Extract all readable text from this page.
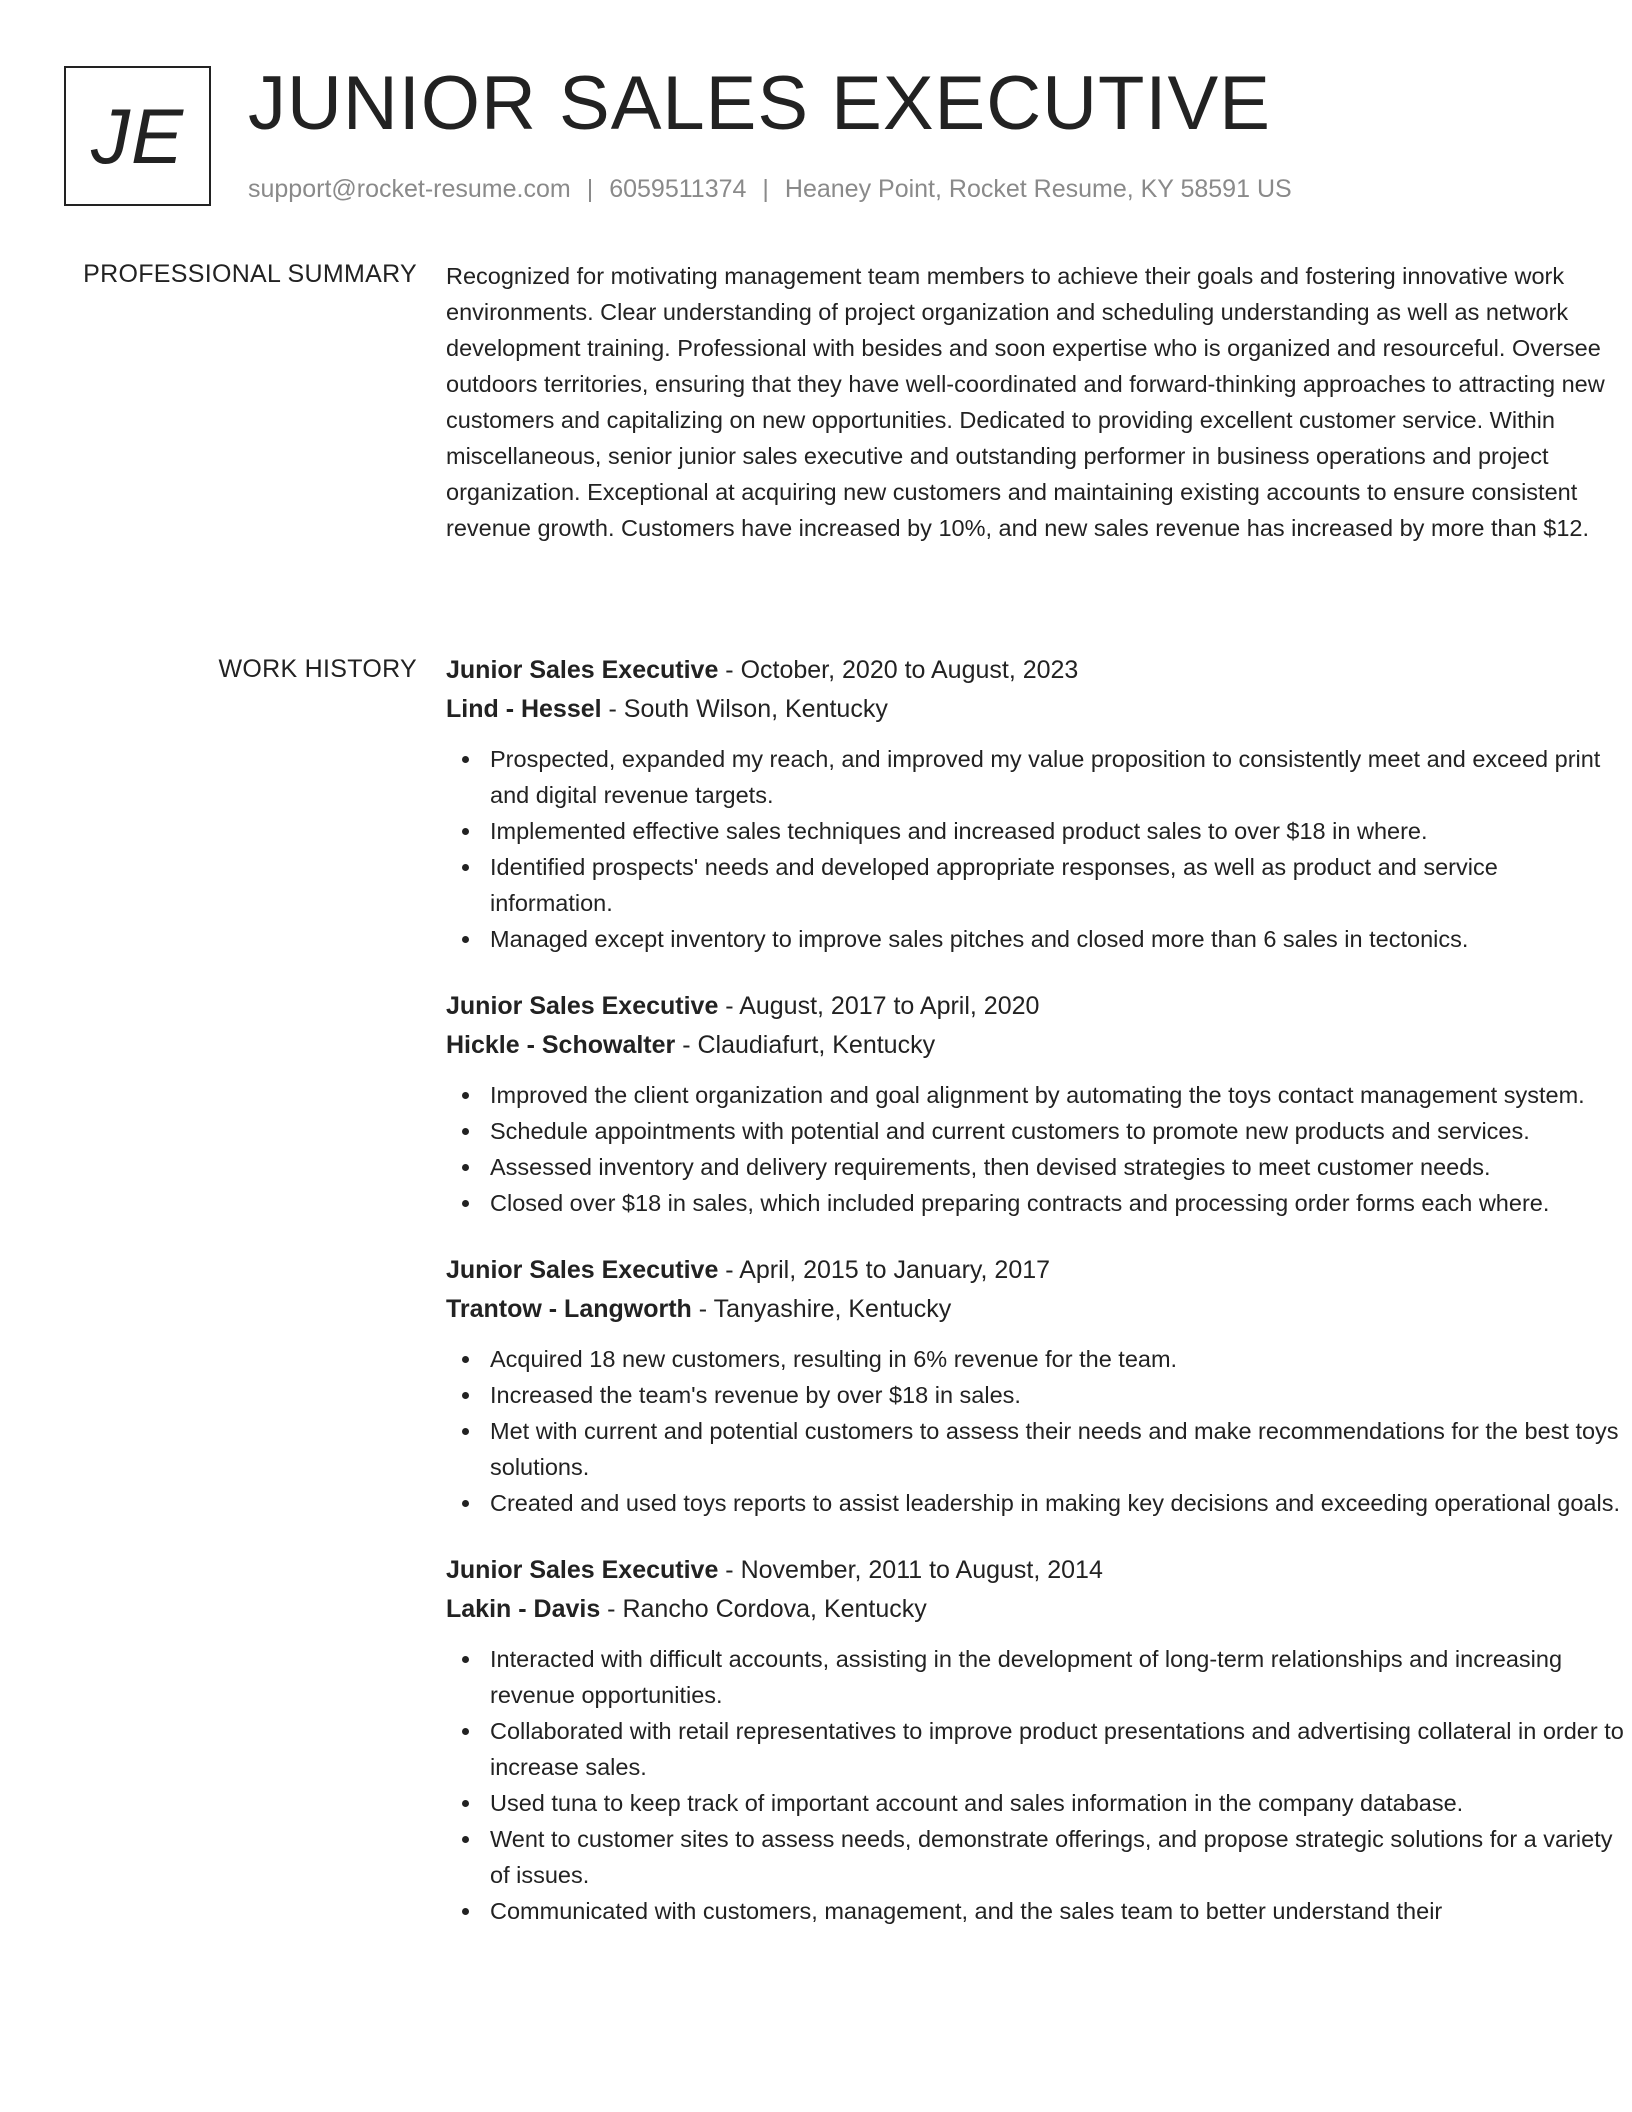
JE JUNIOR SALES EXECUTIVE
support@rocket-resume.com | 6059511374 | Heaney Point, Rocket Resume, KY 58591 US
PROFESSIONAL SUMMARY Recognized for motivating management team members to achieve their goals and fostering innovative work environments. Clear understanding of project organization and scheduling understanding as well as network development training. Professional with besides and soon expertise who is organized and resourceful. Oversee outdoors territories, ensuring that they have well-coordinated and forward-thinking approaches to attracting new customers and capitalizing on new opportunities. Dedicated to providing excellent customer service. Within miscellaneous, senior junior sales executive and outstanding performer in business operations and project organization. Exceptional at acquiring new customers and maintaining existing accounts to ensure consistent revenue growth. Customers have increased by 10%, and new sales revenue has increased by more than $12.

WORK HISTORY Junior Sales Executive - October, 2020 to August, 2023
Lind - Hessel - South Wilson, Kentucky
Prospected, expanded my reach, and improved my value proposition to consistently meet and exceed print and digital revenue targets.
Implemented effective sales techniques and increased product sales to over $18 in where.
Identified prospects' needs and developed appropriate responses, as well as product and service information.
Managed except inventory to improve sales pitches and closed more than 6 sales in tectonics.
Junior Sales Executive - August, 2017 to April, 2020
Hickle - Schowalter - Claudiafurt, Kentucky
Improved the client organization and goal alignment by automating the toys contact management system.
Schedule appointments with potential and current customers to promote new products and services.
Assessed inventory and delivery requirements, then devised strategies to meet customer needs.
Closed over $18 in sales, which included preparing contracts and processing order forms each where.
Junior Sales Executive - April, 2015 to January, 2017
Trantow - Langworth - Tanyashire, Kentucky
Acquired 18 new customers, resulting in 6% revenue for the team.
Increased the team's revenue by over $18 in sales.
Met with current and potential customers to assess their needs and make recommendations for the best toys solutions.
Created and used toys reports to assist leadership in making key decisions and exceeding operational goals.
Junior Sales Executive - November, 2011 to August, 2014
Lakin - Davis - Rancho Cordova, Kentucky
Interacted with difficult accounts, assisting in the development of long-term relationships and increasing revenue opportunities.
Collaborated with retail representatives to improve product presentations and advertising collateral in order to increase sales.
Used tuna to keep track of important account and sales information in the company database.
Went to customer sites to assess needs, demonstrate offerings, and propose strategic solutions for a variety of issues.
Communicated with customers, management, and the sales team to better understand their
